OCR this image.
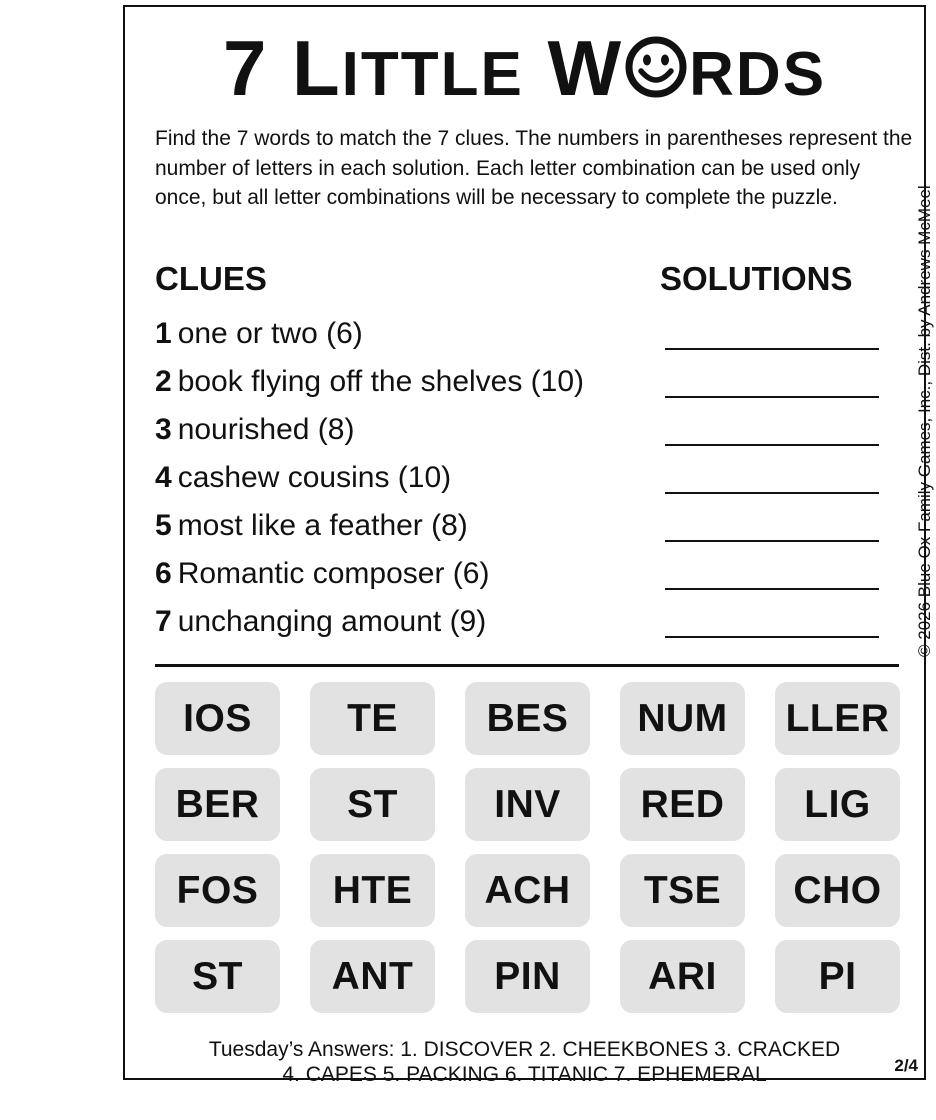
7 LITTLE W RDS

Find the 7 words to match the 7 clues. The numbers in parentheses represent the number of letters in each solution. Each letter combination can be used only once, but all letter combinations will be necessary to complete the puzzle.	© 2026 Blue Ox Family Games, Inc., Dist. by Andrews McMeel
CLUES	SOLUTIONS
1 one or two (6)
2 book flying off the shelves (10)
3 nourished (8)
4 cashew cousins (10)
5 most like a feather (8)
6 Romantic composer (6)
7 unchanging amount (9)
IOS	TE	BES	NUM	LLER
BER	ST	INV	RED	LIG
FOS	HTE	ACH	TSE	CHO
ST	ANT	PIN	ARI	PI
Tuesday’s Answers: 1. DISCOVER 2. CHEEKBONES 3. CRACKED
4. CAPES 5. PACKING 6. TITANIC 7. EPHEMERAL	2/4
